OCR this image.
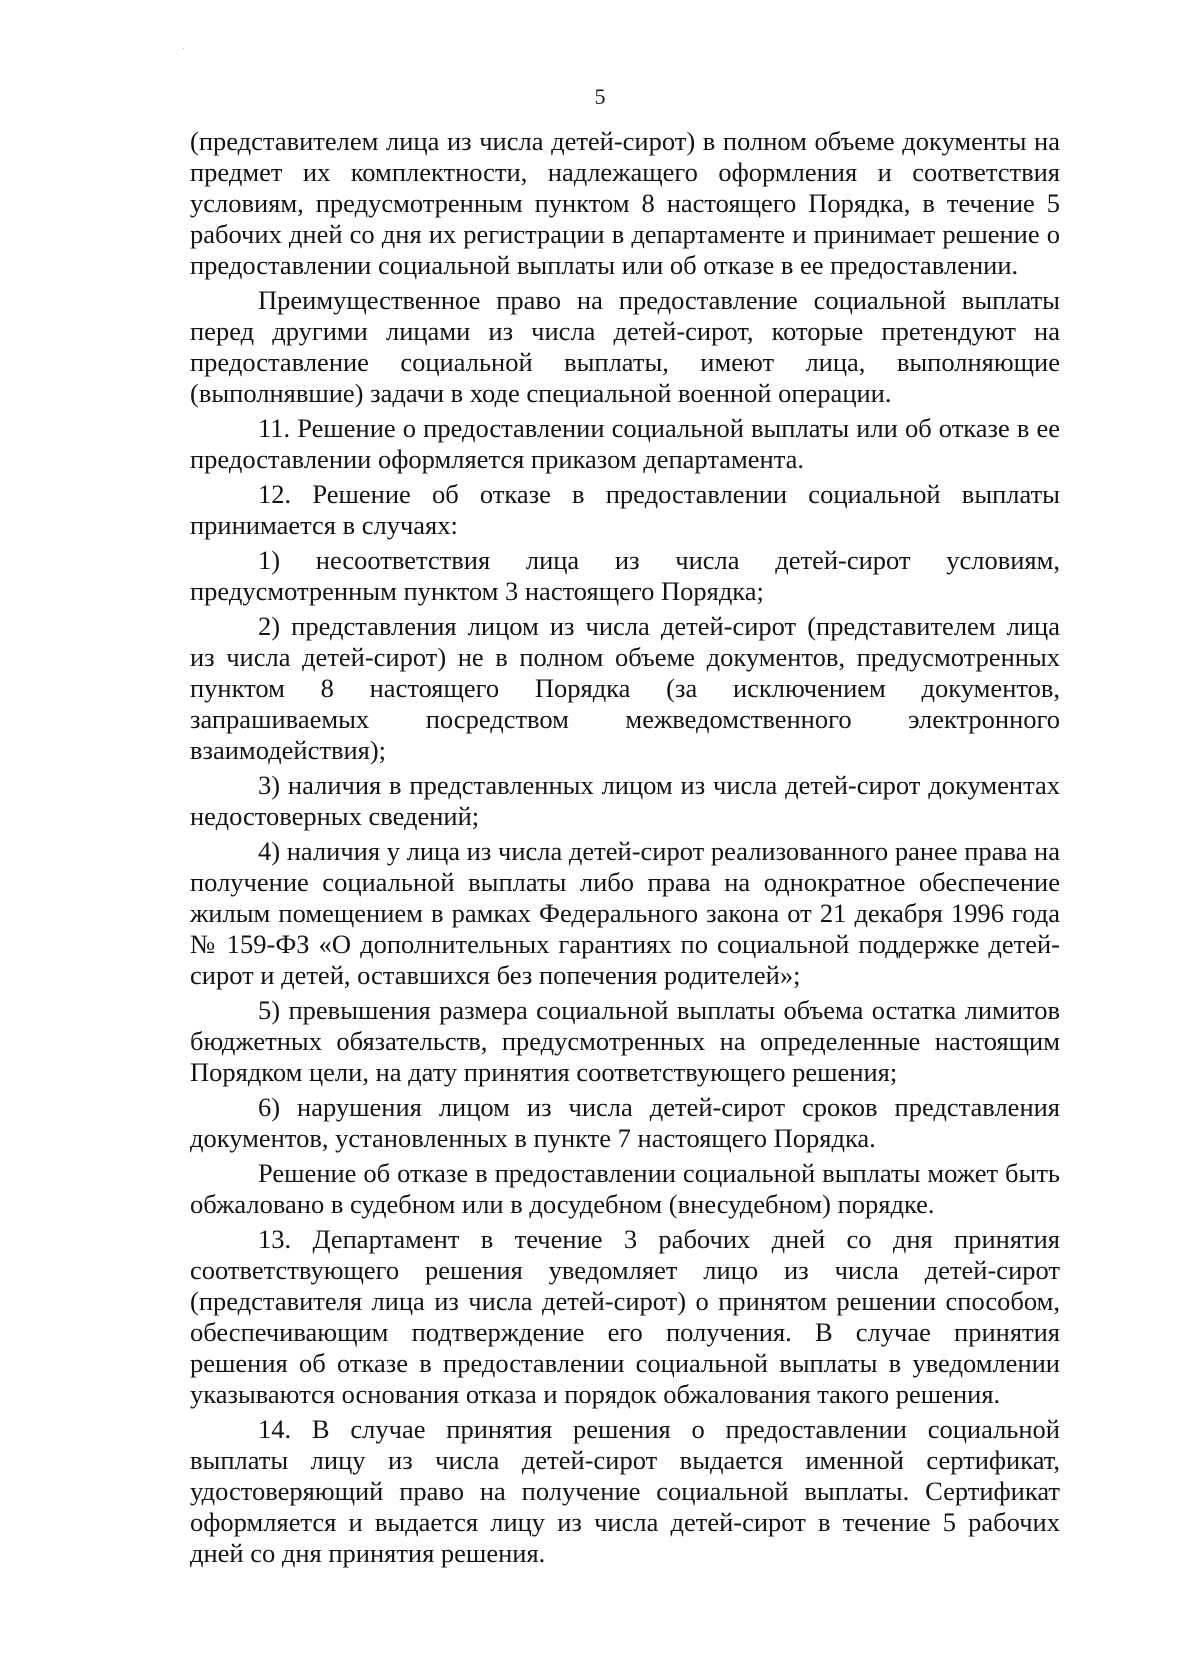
5

(представителем лица из числа детей-сирот) в полном объеме документы на предмет их комплектности, надлежащего оформления и соответствия условиям, предусмотренным пунктом 8 настоящего Порядка, в течение 5 рабочих дней со дня их регистрации в департаменте и принимает решение о предоставлении социальной выплаты или об отказе в ее предоставлении.

Преимущественное право на предоставление социальной выплаты перед другими лицами из числа детей-сирот, которые претендуют на предоставление социальной выплаты, имеют лица, выполняющие (выполнявшие) задачи в ходе специальной военной операции.

11. Решение о предоставлении социальной выплаты или об отказе в ее предоставлении оформляется приказом департамента.

12. Решение об отказе в предоставлении социальной выплаты принимается в случаях:

1) несоответствия лица из числа детей-сирот условиям, предусмотренным пунктом 3 настоящего Порядка;

2) представления лицом из числа детей-сирот (представителем лица из числа детей-сирот) не в полном объеме документов, предусмотренных пунктом 8 настоящего Порядка (за исключением документов, запрашиваемых посредством межведомственного электронного взаимодействия);

3) наличия в представленных лицом из числа детей-сирот документах недостоверных сведений;

4) наличия у лица из числа детей-сирот реализованного ранее права на получение социальной выплаты либо права на однократное обеспечение жилым помещением в рамках Федерального закона от 21 декабря 1996 года № 159-ФЗ «О дополнительных гарантиях по социальной поддержке детей-сирот и детей, оставшихся без попечения родителей»;

5) превышения размера социальной выплаты объема остатка лимитов бюджетных обязательств, предусмотренных на определенные настоящим Порядком цели, на дату принятия соответствующего решения;

6) нарушения лицом из числа детей-сирот сроков представления документов, установленных в пункте 7 настоящего Порядка.

Решение об отказе в предоставлении социальной выплаты может быть обжаловано в судебном или в досудебном (внесудебном) порядке.

13. Департамент в течение 3 рабочих дней со дня принятия соответствующего решения уведомляет лицо из числа детей-сирот (представителя лица из числа детей-сирот) о принятом решении способом, обеспечивающим подтверждение его получения. В случае принятия решения об отказе в предоставлении социальной выплаты в уведомлении указываются основания отказа и порядок обжалования такого решения.

14. В случае принятия решения о предоставлении социальной выплаты лицу из числа детей-сирот выдается именной сертификат, удостоверяющий право на получение социальной выплаты. Сертификат оформляется и выдается лицу из числа детей-сирот в течение 5 рабочих дней со дня принятия решения.
